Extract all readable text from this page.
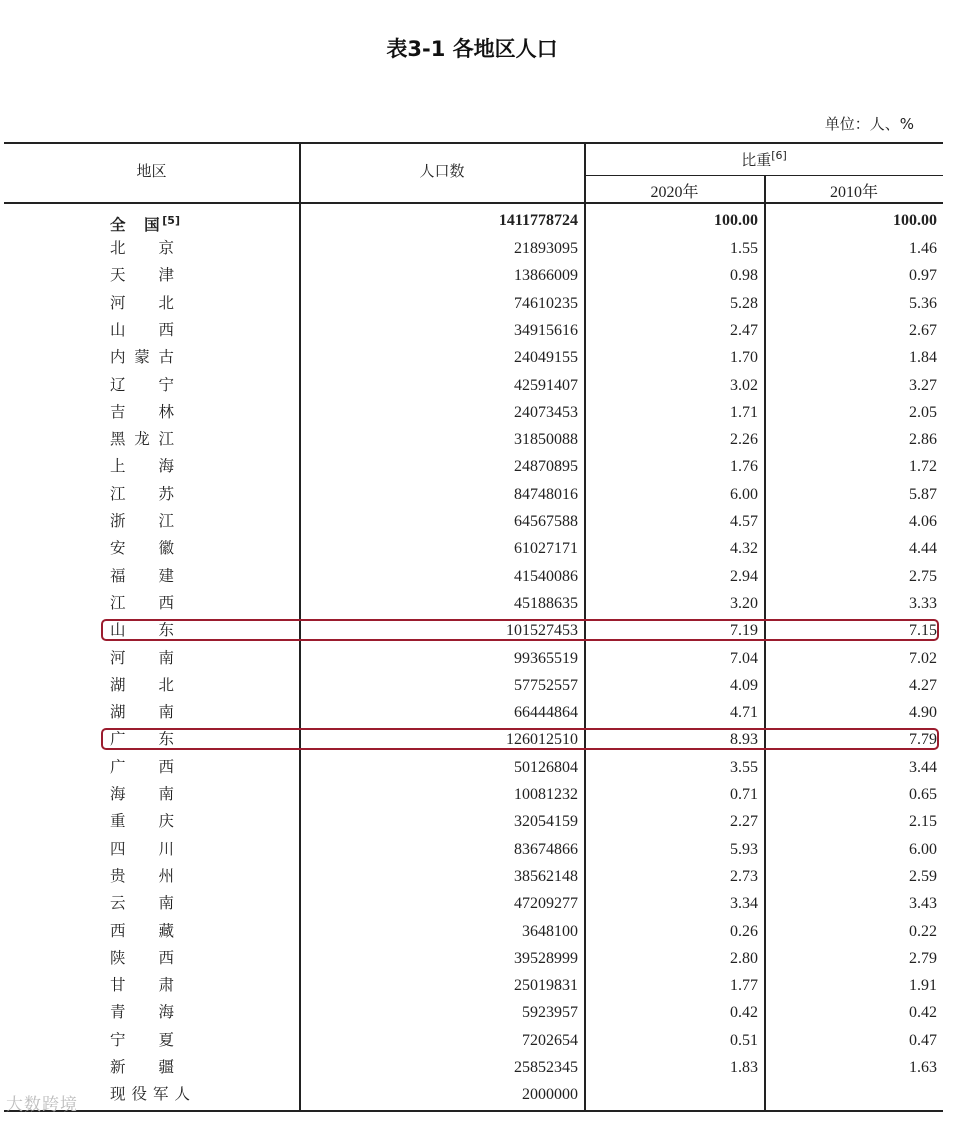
表3-1 各地区人口
单位：人、%
地区	人口数
比重[6]
2020年	2010年
全  国[5]	1411778724	100.00	100.00
北  京	21893095	1.55	1.46
天  津	13866009	0.98	0.97
河  北	74610235	5.28	5.36
山  西	34915616	2.47	2.67
内蒙古	24049155	1.70	1.84
辽  宁	42591407	3.02	3.27
吉  林	24073453	1.71	2.05
黑龙江	31850088	2.26	2.86
上  海	24870895	1.76	1.72
江  苏	84748016	6.00	5.87
浙  江	64567588	4.57	4.06
安  徽	61027171	4.32	4.44
福  建	41540086	2.94	2.75
江  西	45188635	3.20	3.33
山  东	101527453	7.19	7.15
河  南	99365519	7.04	7.02
湖  北	57752557	4.09	4.27
湖  南	66444864	4.71	4.90
广  东	126012510	8.93	7.79
广  西	50126804	3.55	3.44
海  南	10081232	0.71	0.65
重  庆	32054159	2.27	2.15
四  川	83674866	5.93	6.00
贵  州	38562148	2.73	2.59
云  南	47209277	3.34	3.43
西  藏	3648100	0.26	0.22
陕  西	39528999	2.80	2.79
甘  肃	25019831	1.77	1.91
青  海	5923957	0.42	0.42
宁  夏	7202654	0.51	0.47
新  疆	25852345	1.83	1.63
现役军人	2000000
大数跨境
